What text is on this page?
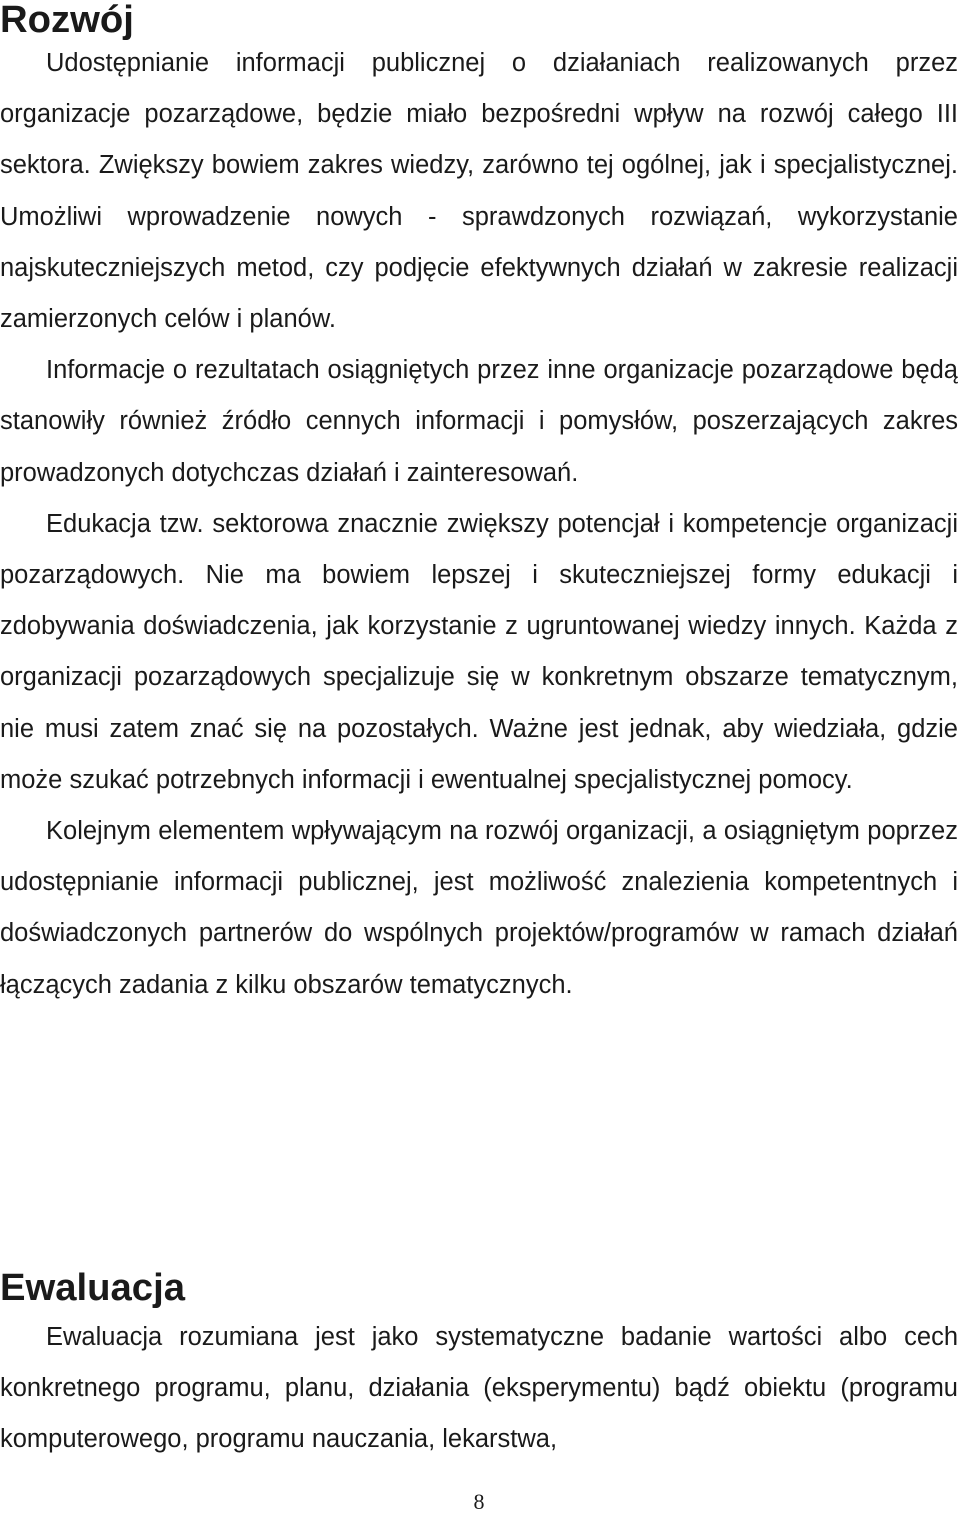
Rozwój

Udostępnianie informacji publicznej o działaniach realizowanych przez organizacje pozarządowe, będzie miało bezpośredni wpływ na rozwój całego III sektora. Zwiększy bowiem zakres wiedzy, zarówno tej ogólnej, jak i specjalistycznej. Umożliwi wprowadzenie nowych - sprawdzonych rozwiązań, wykorzystanie najskuteczniejszych metod, czy podjęcie efektywnych działań w zakresie realizacji zamierzonych celów i planów.

Informacje o rezultatach osiągniętych przez inne organizacje pozarządowe będą stanowiły również źródło cennych informacji i pomysłów, poszerzających zakres prowadzonych dotychczas działań i zainteresowań.

Edukacja tzw. sektorowa znacznie zwiększy potencjał i kompetencje organizacji pozarządowych. Nie ma bowiem lepszej i skuteczniejszej formy edukacji i zdobywania doświadczenia, jak korzystanie z ugruntowanej wiedzy innych. Każda z organizacji pozarządowych specjalizuje się w konkretnym obszarze tematycznym, nie musi zatem znać się na pozostałych. Ważne jest jednak, aby wiedziała, gdzie może szukać potrzebnych informacji i ewentualnej specjalistycznej pomocy.

Kolejnym elementem wpływającym na rozwój organizacji, a osiągniętym poprzez udostępnianie informacji publicznej, jest możliwość znalezienia kompetentnych i doświadczonych partnerów do wspólnych projektów/programów w ramach działań łączących zadania z kilku obszarów tematycznych.

Ewaluacja

Ewaluacja rozumiana jest jako systematyczne badanie wartości albo cech konkretnego programu, planu, działania (eksperymentu) bądź obiektu (programu komputerowego, programu nauczania, lekarstwa,

8
